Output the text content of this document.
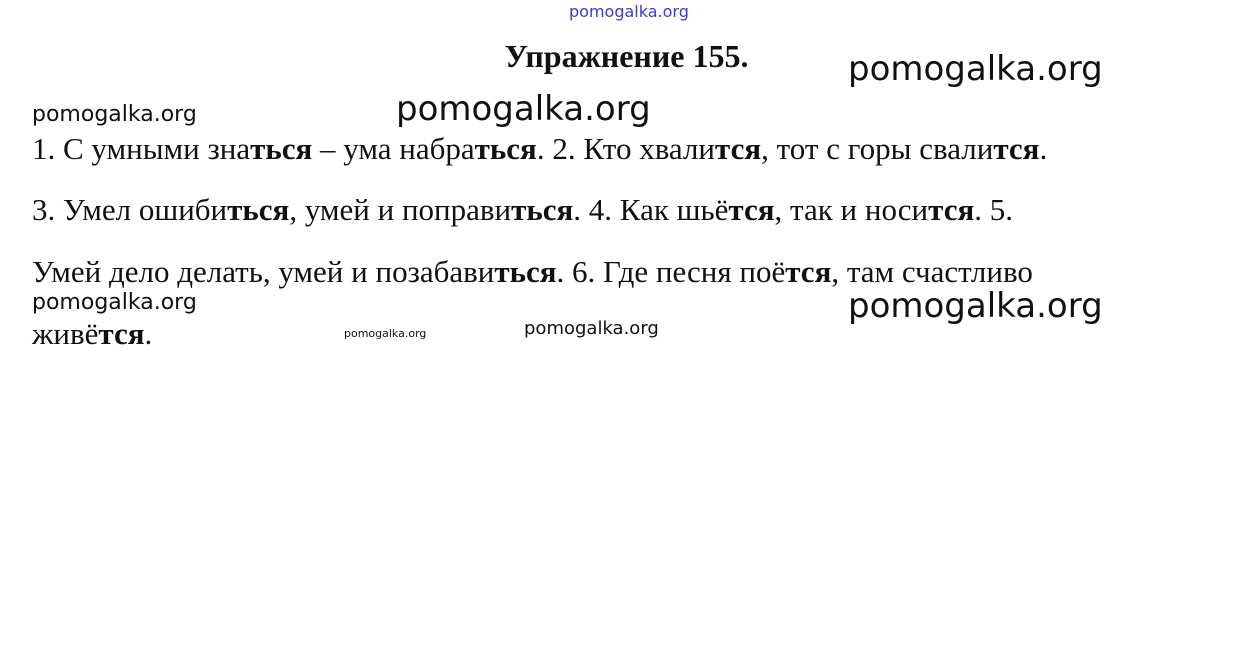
pomogalka.org
pomogalka.org
pomogalka.org
pomogalka.org
pomogalka.org	pomogalka.org
pomogalka.org	pomogalka.org
Упражнение 155.
1. С умными знаться – ума набраться. 2. Кто хвалится, тот с горы свалится.
3. Умел ошибиться, умей и поправиться. 4. Как шьётся, так и носится. 5.
Умей дело делать, умей и позабавиться. 6. Где песня поётся, там счастливо
живётся.
